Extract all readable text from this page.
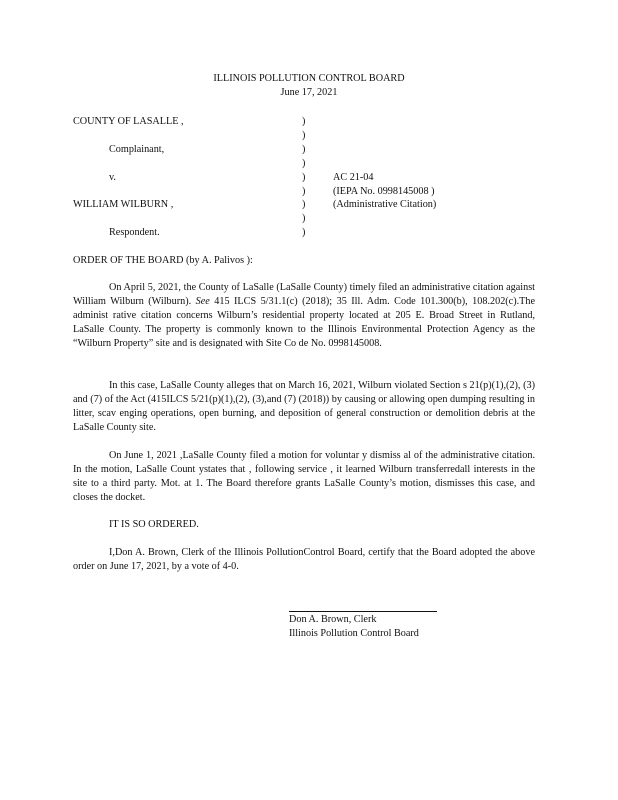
ILLINOIS POLLUTION CONTROL BOARD
June 17, 2021
COUNTY OF LASALLE ,
Complainant,
v.
WILLIAM WILBURN ,
Respondent.
)
)
)
)
)
)
)
)
)
AC 21-04
(IEPA No. 0998145008 )
(Administrative Citation)
ORDER OF THE BOARD (by A. Palivos ):

On April 5, 2021, the County of LaSalle (LaSalle County) timely filed an administrative citation against William Wilburn (Wilburn). See 415 ILCS 5/31.1(c) (2018); 35 Ill. Adm. Code 101.300(b), 108.202(c).The administ rative citation concerns Wilburn’s residential property located at 205 E. Broad Street in Rutland, LaSalle County. The property is commonly known to the Illinois Environmental Protection Agency as the “Wilburn Property” site and is designated with Site Co de No. 0998145008.

In this case, LaSalle County alleges that on March 16, 2021, Wilburn violated Section s 21(p)(1),(2), (3) and (7) of the Act (415ILCS 5/21(p)(1),(2), (3),and (7) (2018)) by causing or allowing open dumping resulting in litter, scav enging operations, open burning, and deposition of general construction or demolition debris at the LaSalle County site.

On June 1, 2021 ,LaSalle County filed a motion for voluntar y dismiss al of the administrative citation. In the motion, LaSalle Count ystates that , following service , it learned Wilburn transferredall interests in the site to a third party. Mot. at 1. The Board therefore grants LaSalle County’s motion, dismisses this case, and closes the docket.

IT IS SO ORDERED.

I,Don A. Brown, Clerk of the Illinois PollutionControl Board, certify that the Board adopted the above order on June 17, 2021, by a vote of 4-0.

Don A. Brown, Clerk
Illinois Pollution Control Board
